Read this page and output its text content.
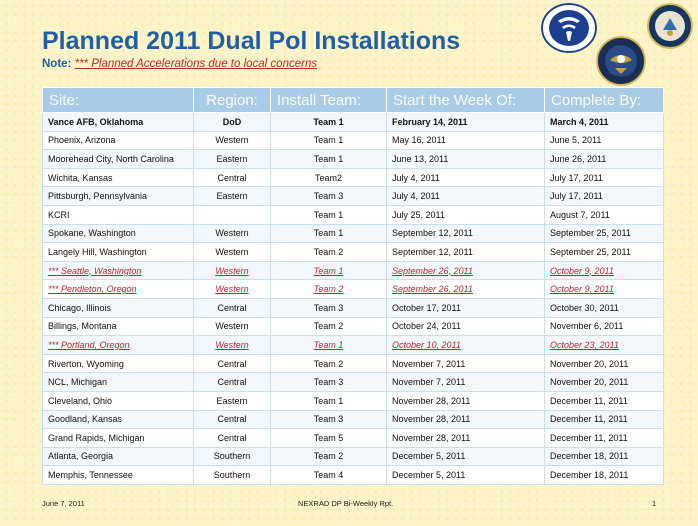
Planned 2011 Dual Pol Installations
Note: *** Planned Accelerations due to local concerns
Site:	Region:	Install Team:	Start the Week Of:	Complete By:
Vance AFB, Oklahoma	DoD	Team 1	February 14, 2011	March 4, 2011
Phoenix, Arizona	Western	Team 1	May 16, 2011	June 5, 2011
Moorehead City, North Carolina	Eastern	Team 1	June 13, 2011	June 26, 2011
Wichita, Kansas	Central	Team2	July 4, 2011	July 17, 2011
Pittsburgh, Pennsylvania	Eastern	Team 3	July 4, 2011	July 17, 2011
KCRI		Team 1	July 25, 2011	August 7, 2011
Spokane, Washington	Western	Team 1	September 12, 2011	September 25, 2011
Langely Hill, Washington	Western	Team 2	September 12, 2011	September 25, 2011
*** Seattle, Washington	Western	Team 1	September 26, 2011	October 9, 2011
*** Pendleton, Oregon	Western	Team 2	September 26, 2011	October 9, 2011
Chicago, Illinois	Central	Team 3	October 17, 2011	October 30, 2011
Billings, Montana	Western	Team 2	October 24, 2011	November 6, 2011
*** Portland, Oregon	Western	Team 1	October 10, 2011	October 23, 2011
Riverton, Wyoming	Central	Team 2	November 7, 2011	November 20, 2011
NCL, Michigan	Central	Team 3	November 7, 2011	November 20, 2011
Cleveland, Ohio	Eastern	Team 1	November 28, 2011	December 11, 2011
Goodland, Kansas	Central	Team 3	November 28, 2011	December 11, 2011
Grand Rapids, Michigan	Central	Team 5	November 28, 2011	December 11, 2011
Atlanta, Georgia	Southern	Team 2	December 5, 2011	December 18, 2011
Memphis, Tennessee	Southern	Team 4	December 5, 2011	December 18, 2011
June 7, 2011	NEXRAD DP Bi-Weekly Rpt.	1
